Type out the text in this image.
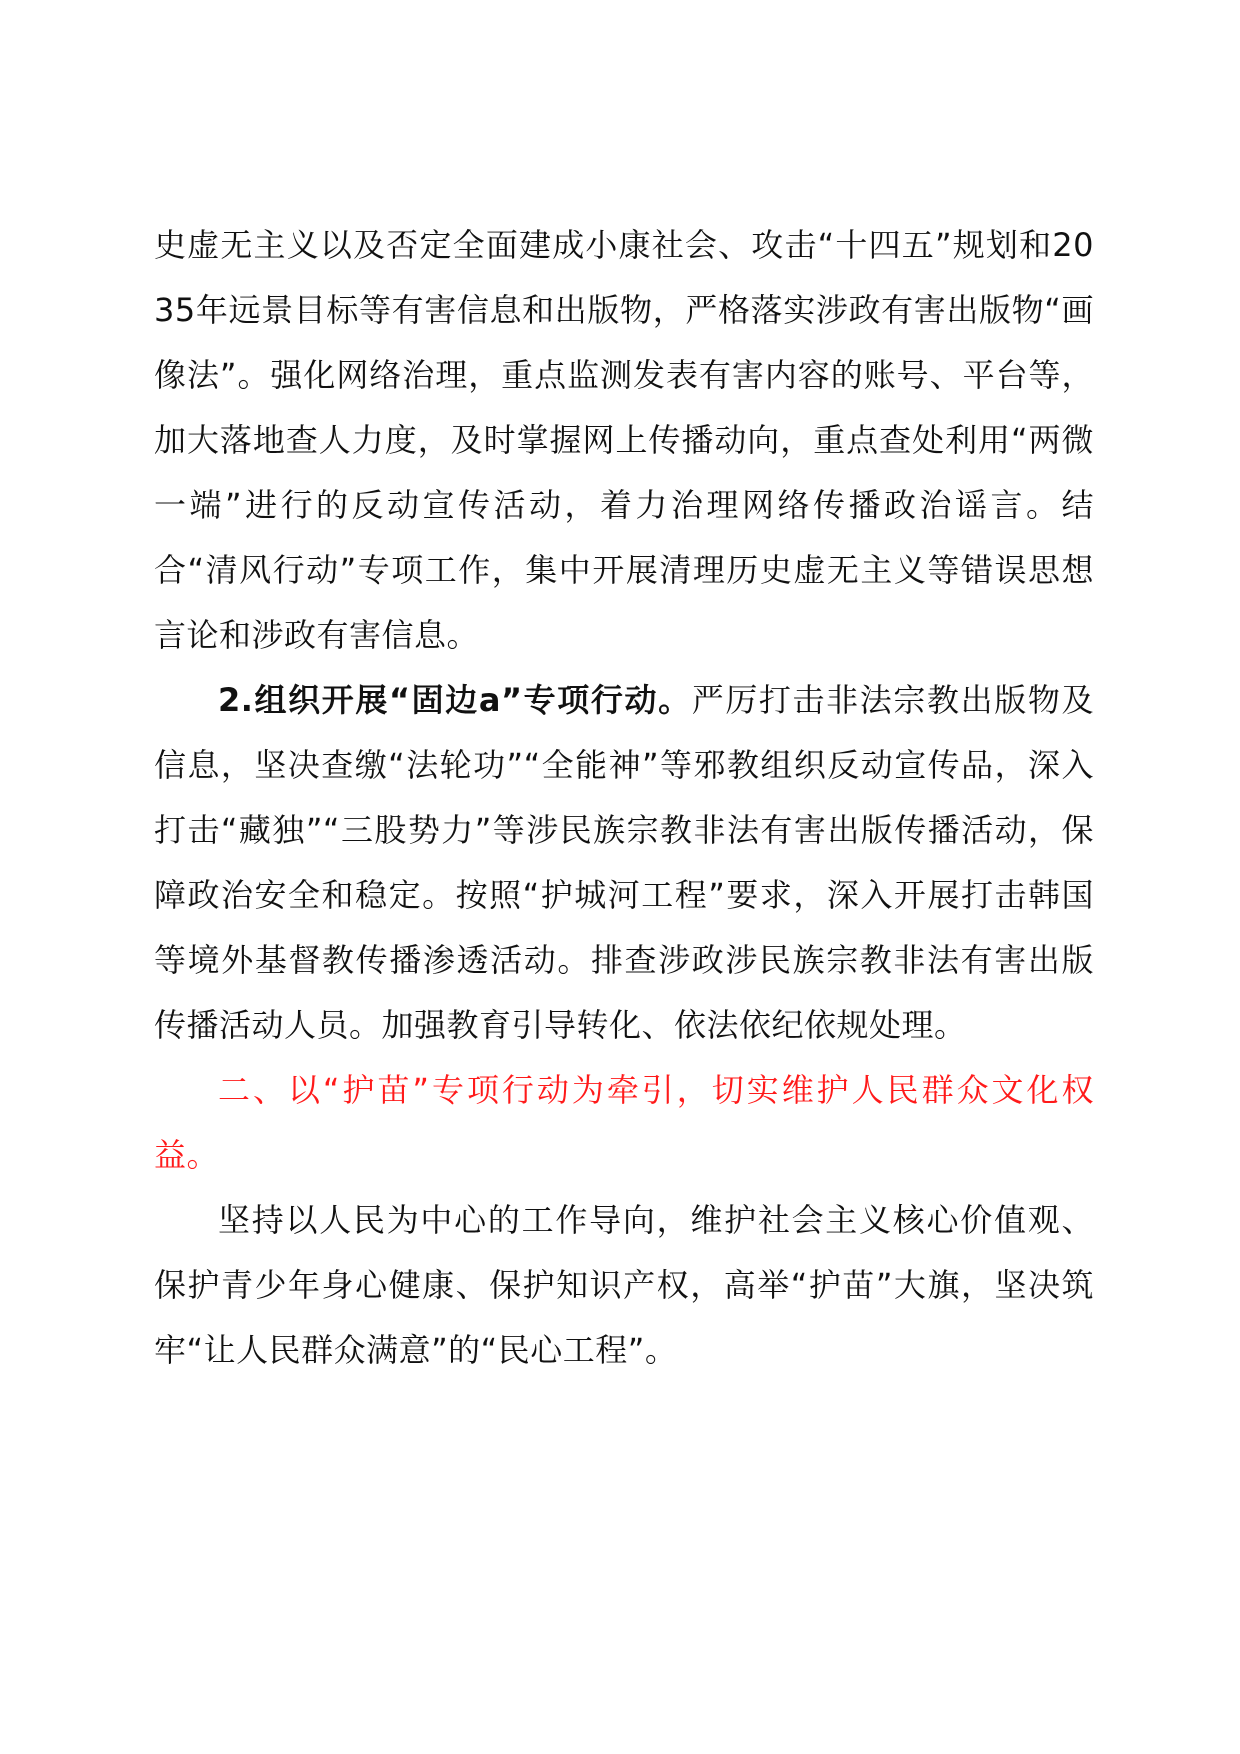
史虚无主义以及否定全面建成小康社会、攻击“十四五”规划和2035年远景目标等有害信息和出版物，严格落实涉政有害出版物“画像法”。强化网络治理，重点监测发表有害内容的账号、平台等，加大落地查人力度，及时掌握网上传播动向，重点查处利用“两微一端”进行的反动宣传活动，着力治理网络传播政治谣言。结合“清风行动”专项工作，集中开展清理历史虚无主义等错误思想言论和涉政有害信息。

2.组织开展“固边a”专项行动。严厉打击非法宗教出版物及信息，坚决查缴“法轮功”“全能神”等邪教组织反动宣传品，深入打击“藏独”“三股势力”等涉民族宗教非法有害出版传播活动，保障政治安全和稳定。按照“护城河工程”要求，深入开展打击韩国等境外基督教传播渗透活动。排查涉政涉民族宗教非法有害出版传播活动人员。加强教育引导转化、依法依纪依规处理。

二、以“护苗”专项行动为牵引，切实维护人民群众文化权益。

坚持以人民为中心的工作导向，维护社会主义核心价值观、保护青少年身心健康、保护知识产权，高举“护苗”大旗，坚决筑牢“让人民群众满意”的“民心工程”。
